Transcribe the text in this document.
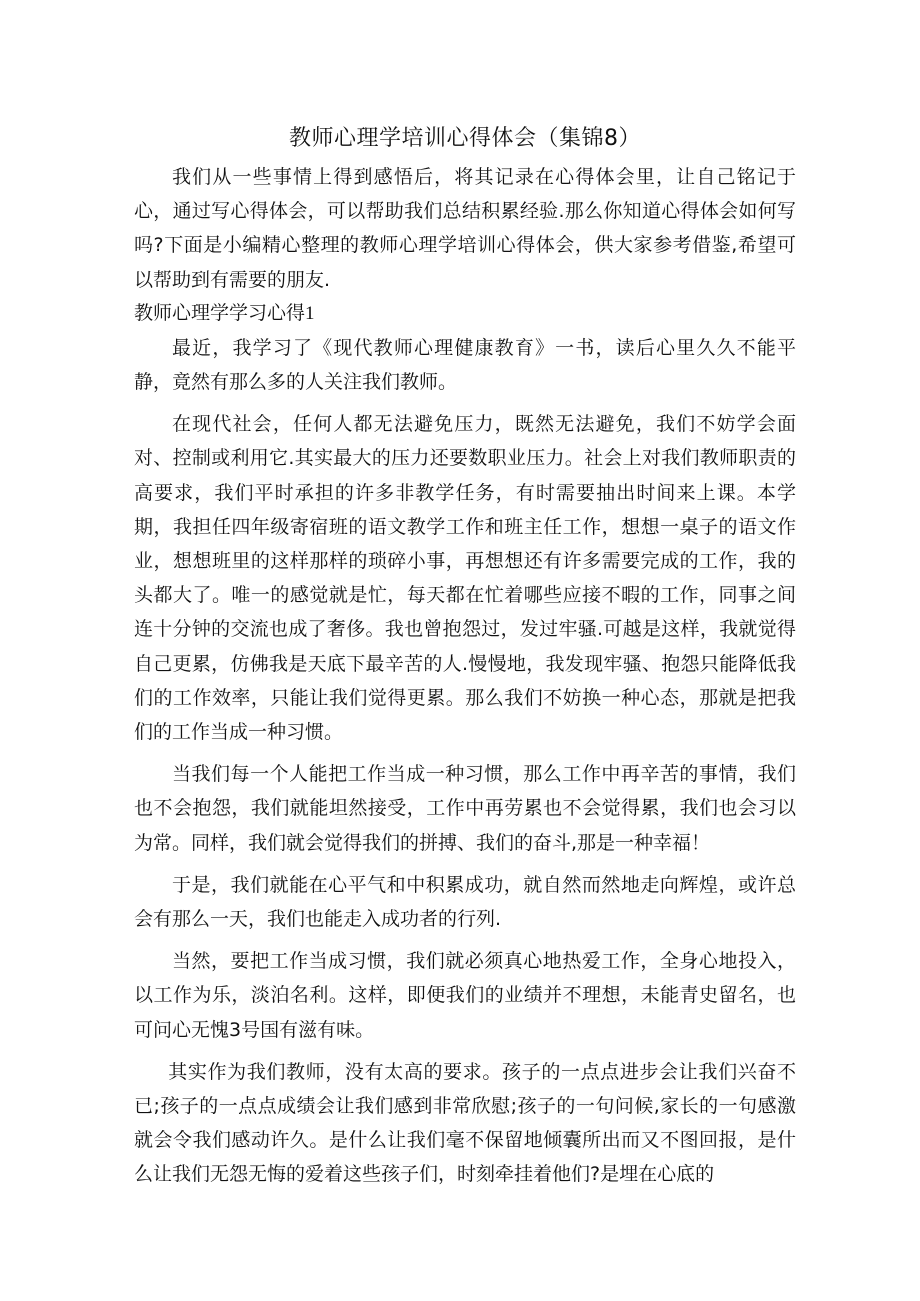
教师心理学培训心得体会（集锦8）

我们从一些事情上得到感悟后，将其记录在心得体会里，让自己铭记于心，通过写心得体会，可以帮助我们总结积累经验.那么你知道心得体会如何写吗?下面是小编精心整理的教师心理学培训心得体会，供大家参考借鉴,希望可以帮助到有需要的朋友.

教师心理学学习心得1

最近，我学习了《现代教师心理健康教育》一书，读后心里久久不能平静，竟然有那么多的人关注我们教师。

在现代社会，任何人都无法避免压力，既然无法避免，我们不妨学会面对、控制或利用它.其实最大的压力还要数职业压力。社会上对我们教师职责的高要求，我们平时承担的许多非教学任务，有时需要抽出时间来上课。本学期，我担任四年级寄宿班的语文教学工作和班主任工作，想想一桌子的语文作业，想想班里的这样那样的琐碎小事，再想想还有许多需要完成的工作，我的头都大了。唯一的感觉就是忙，每天都在忙着哪些应接不暇的工作，同事之间连十分钟的交流也成了奢侈。我也曾抱怨过，发过牢骚.可越是这样，我就觉得自己更累，仿佛我是天底下最辛苦的人.慢慢地，我发现牢骚、抱怨只能降低我们的工作效率，只能让我们觉得更累。那么我们不妨换一种心态，那就是把我们的工作当成一种习惯。

当我们每一个人能把工作当成一种习惯，那么工作中再辛苦的事情，我们也不会抱怨，我们就能坦然接受，工作中再劳累也不会觉得累，我们也会习以为常。同样，我们就会觉得我们的拼搏、我们的奋斗,那是一种幸福！

于是，我们就能在心平气和中积累成功，就自然而然地走向辉煌，或许总会有那么一天，我们也能走入成功者的行列.

当然，要把工作当成习惯，我们就必须真心地热爱工作，全身心地投入，以工作为乐，淡泊名利。这样，即便我们的业绩并不理想，未能青史留名，也可问心无愧3号国有滋有味。

其实作为我们教师，没有太高的要求。孩子的一点点进步会让我们兴奋不已;孩子的一点点成绩会让我们感到非常欣慰;孩子的一句问候,家长的一句感激就会令我们感动许久。是什么让我们毫不保留地倾囊所出而又不图回报，是什么让我们无怨无悔的爱着这些孩子们，时刻牵挂着他们?是埋在心底的
